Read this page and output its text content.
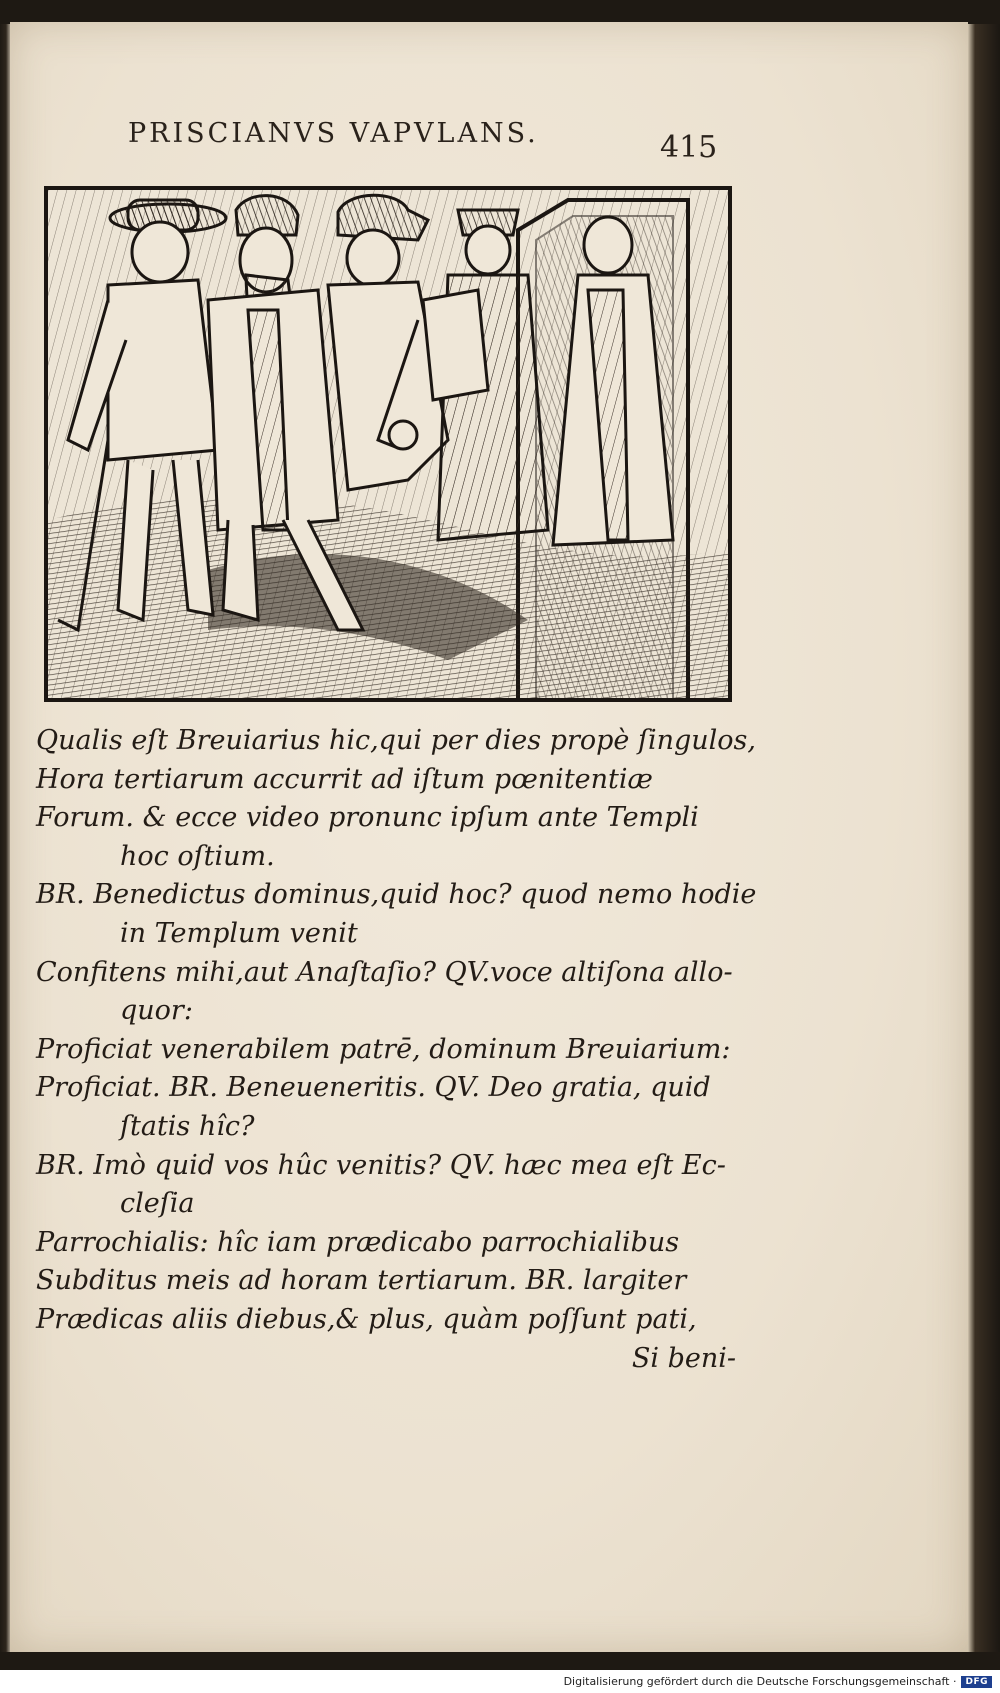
PRISCIANVS VAPVLANS.	415
Qualis eſt Breuiarius hic,qui per dies propè ſingulos,
Hora tertiarum accurrit ad iſtum pœnitentiæ
Forum. & ecce video pronunc ipſum ante Templi
hoc oſtium.
BR. Benedictus dominus,quid hoc? quod nemo hodie
in Templum venit
Confitens mihi,aut Anaſtaſio? QV.voce altiſona allo-
quor:
Proficiat venerabilem patrē, dominum Breuiarium:
Proficiat. BR. Beneueneritis. QV. Deo gratia, quid
ſtatis hîc?
BR. Imò quid vos hûc venitis? QV. hæc mea eſt Ec-
cleſia
Parrochialis: hîc iam prædicabo parrochialibus
Subditus meis ad horam tertiarum. BR. largiter
Prædicas aliis diebus,& plus, quàm poſſunt pati,
Si beni-
Digitalisierung gefördert durch die Deutsche Forschungsgemeinschaft ·	DFG
